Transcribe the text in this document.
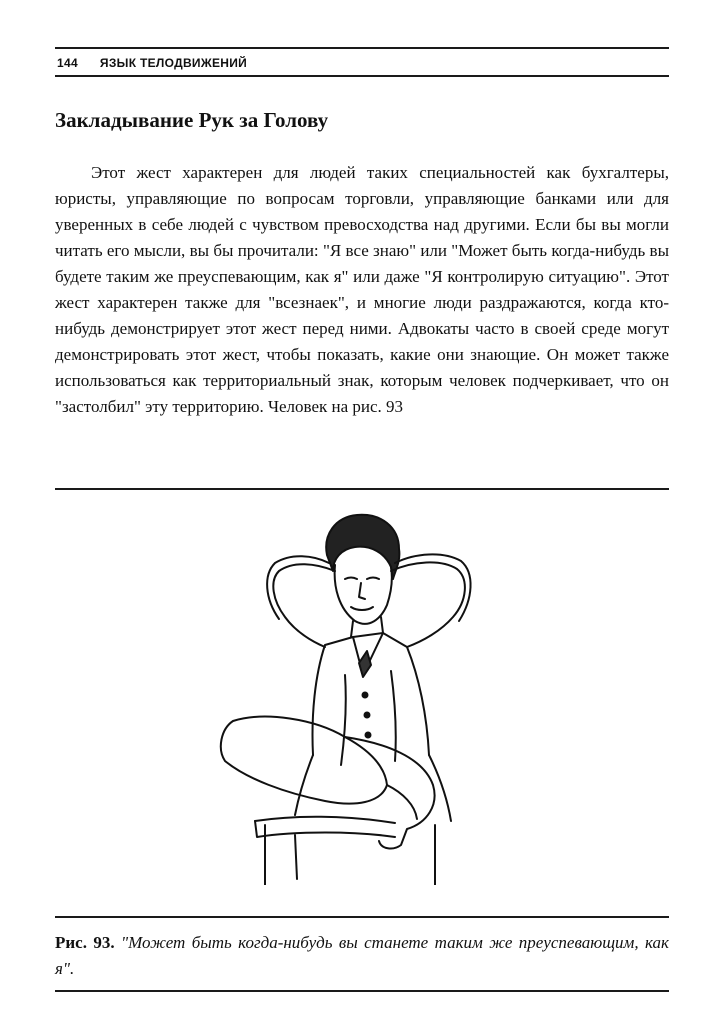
144 ЯЗЫК ТЕЛОДВИЖЕНИЙ
Закладывание Рук за Голову

Этот жест характерен для людей таких специальностей как бухгалтеры, юристы, управляющие по вопросам торговли, управляющие банками или для уверенных в себе людей с чувством превосходства над другими. Если бы вы могли читать его мысли, вы бы прочитали: "Я все знаю" или "Может быть когда-нибудь вы будете таким же преуспевающим, как я" или даже "Я контролирую ситуацию". Этот жест характерен также для "всезнаек", и многие люди раздражаются, когда кто-нибудь демонстрирует этот жест перед ними. Адвокаты часто в своей среде могут демонстрировать этот жест, чтобы показать, какие они знающие. Он может также использоваться как территориальный знак, которым человек подчеркивает, что он "застолбил" эту территорию. Человек на рис. 93

Рис. 93. "Может быть когда-нибудь вы станете таким же преуспевающим, как я".
